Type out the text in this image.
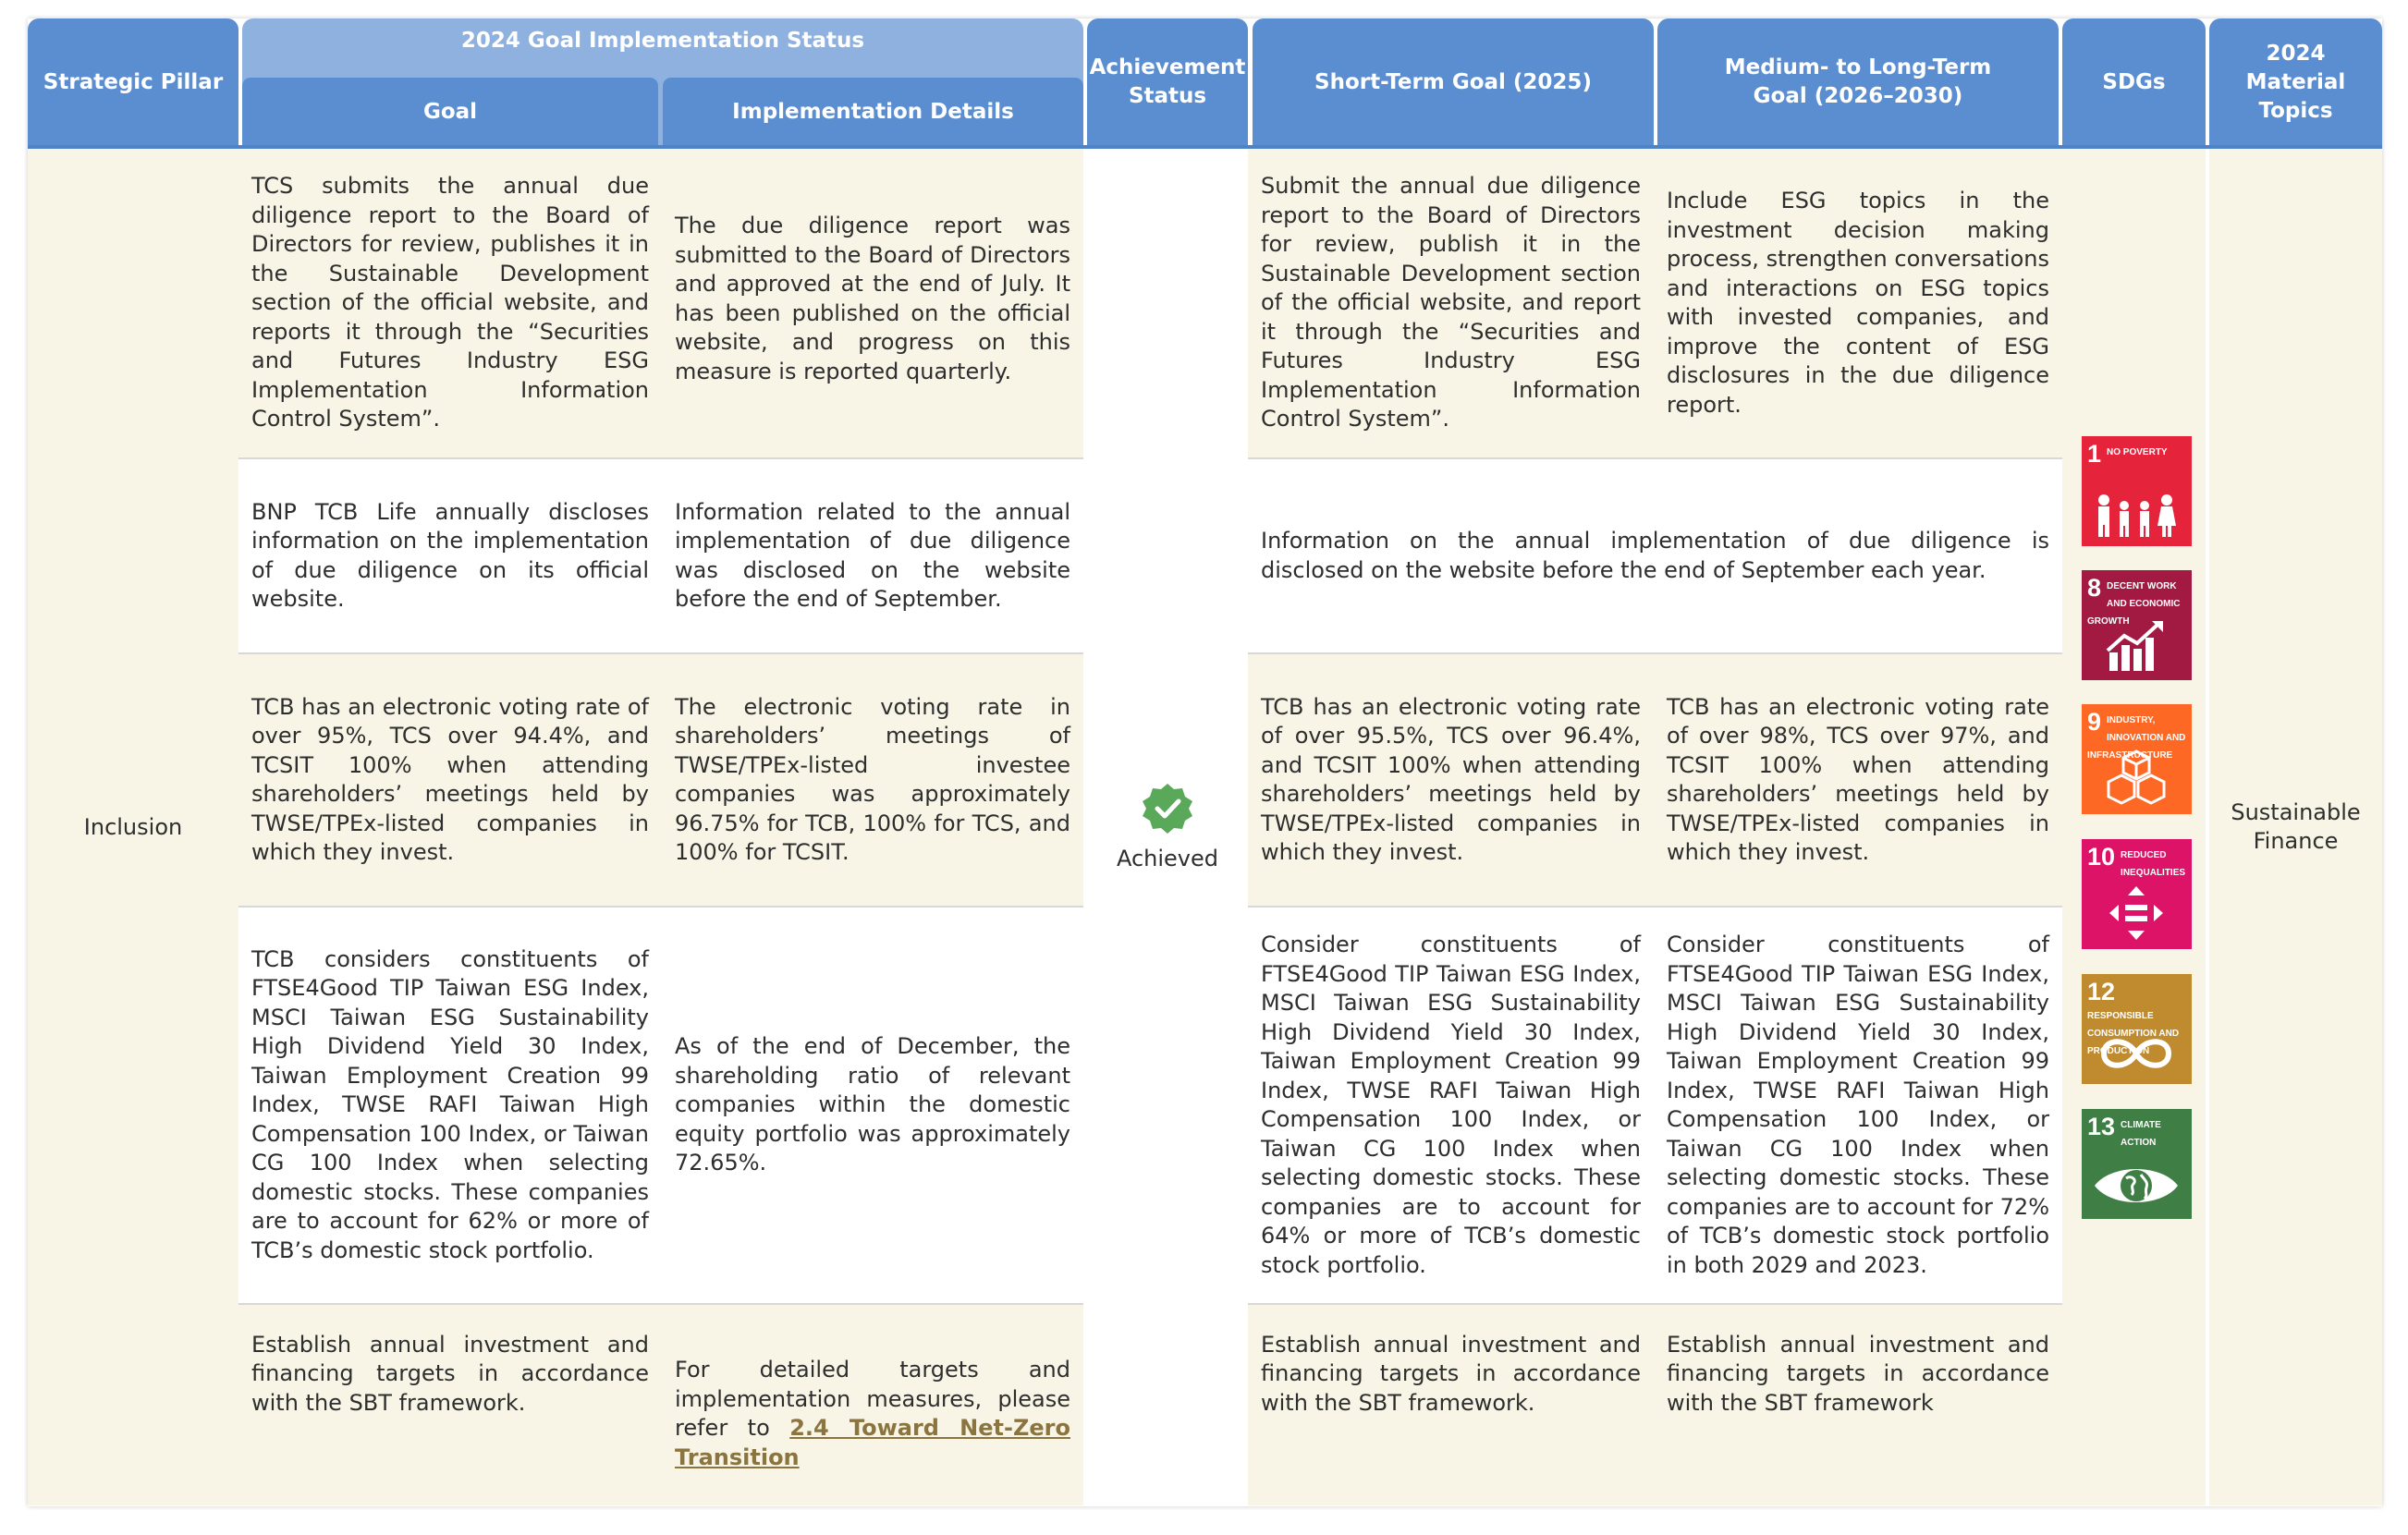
Strategic Pillar
2024 Goal Implementation Status
Goal	Implementation Details
Achievement Status
Short-Term Goal (2025)
Medium- to Long-Term Goal (2026–2030)
SDGs
2024 Material Topics
Inclusion
Sustainable Finance
Achieved
TCS submits the annual due diligence report to the Board of Directors for review, publishes it in the Sustainable Development section of the official website, and reports it through the “Securities and Futures Industry ESG Implementation Information Control System”.
The due diligence report was submitted to the Board of Directors and approved at the end of July. It has been published on the official website, and progress on this measure is reported quarterly.
Submit the annual due diligence report to the Board of Directors for review, publish it in the Sustainable Development section of the official website, and report it through the “Securities and Futures Industry ESG Implementation Information Control System”.
Include ESG topics in the investment decision making process, strengthen conversations and interactions on ESG topics with invested companies, and improve the content of ESG disclosures in the due diligence report.
BNP TCB Life annually discloses information on the implementation of due diligence on its official website.
Information related to the annual implementation of due diligence was disclosed on the website before the end of September.
Information on the annual implementation of due diligence is disclosed on the website before the end of September each year.
TCB has an electronic voting rate of over 95%, TCS over 94.4%, and TCSIT 100% when attending shareholders’ meetings held by TWSE/TPEx-listed companies in which they invest.
The electronic voting rate in shareholders’ meetings of TWSE/TPEx-listed investee companies was approximately 96.75% for TCB, 100% for TCS, and 100% for TCSIT.
TCB has an electronic voting rate of over 95.5%, TCS over 96.4%, and TCSIT 100% when attending shareholders’ meetings held by TWSE/TPEx-listed companies in which they invest.
TCB has an electronic voting rate of over 98%, TCS over 97%, and TCSIT 100% when attending shareholders’ meetings held by TWSE/TPEx-listed companies in which they invest.
TCB considers constituents of FTSE4Good TIP Taiwan ESG Index, MSCI Taiwan ESG Sustainability High Dividend Yield 30 Index, Taiwan Employment Creation 99 Index, TWSE RAFI Taiwan High Compensation 100 Index, or Taiwan CG 100 Index when selecting domestic stocks. These companies are to account for 62% or more of TCB’s domestic stock portfolio.
As of the end of December, the shareholding ratio of relevant companies within the domestic equity portfolio was approximately 72.65%.
Consider constituents of FTSE4Good TIP Taiwan ESG Index, MSCI Taiwan ESG Sustainability High Dividend Yield 30 Index, Taiwan Employment Creation 99 Index, TWSE RAFI Taiwan High Compensation 100 Index, or Taiwan CG 100 Index when selecting domestic stocks. These companies are to account for 64% or more of TCB’s domestic stock portfolio.
Consider constituents of FTSE4Good TIP Taiwan ESG Index, MSCI Taiwan ESG Sustainability High Dividend Yield 30 Index, Taiwan Employment Creation 99 Index, TWSE RAFI Taiwan High Compensation 100 Index, or Taiwan CG 100 Index when selecting domestic stocks. These companies are to account for 72% of TCB’s domestic stock portfolio in both 2029 and 2023.
Establish annual investment and financing targets in accordance with the SBT framework.
For detailed targets and implementation measures, please refer to 2.4 Toward Net-Zero Transition
Establish annual investment and financing targets in accordance with the SBT framework.
Establish annual investment and financing targets in accordance with the SBT framework
1 NO POVERTY
8 DECENT WORK AND ECONOMIC GROWTH
9 INDUSTRY, INNOVATION AND INFRASTRUCTURE
10 REDUCED INEQUALITIES
12
RESPONSIBLE CONSUMPTION AND PRODUCTION
13 CLIMATE ACTION
